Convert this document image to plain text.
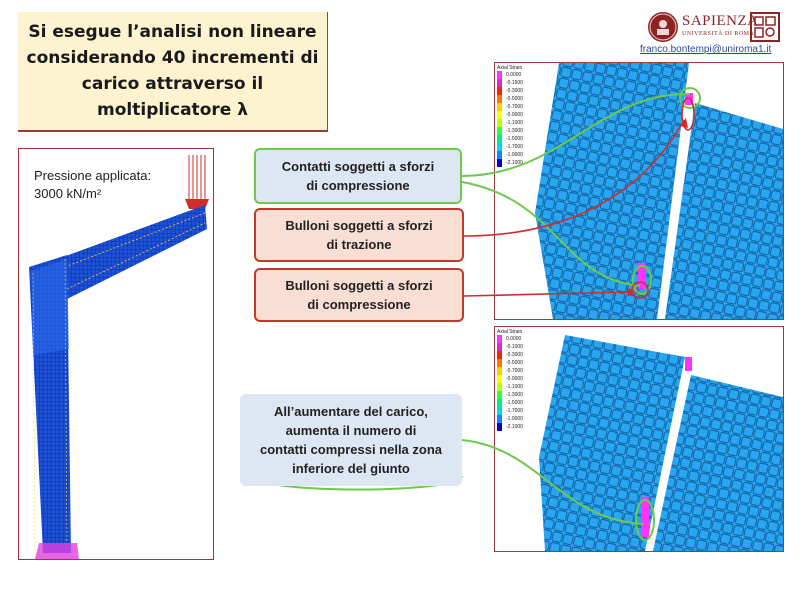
Si esegue l’analisi non lineare
considerando 40 incrementi di
carico attraverso il
moltiplicatore λ
SAPIENZA
UNIVERSITÀ DI ROMA
franco.bontempi@uniroma1.it
Pressione applicata:
3000 kN/m²
Axial Strain
0.0000
-0.1500
-0.3000
-0.5000
-0.7000
-0.9000
-1.1000
-1.3000
-1.5000
-1.7000
-1.9000
-2.1000
Axial Strain
0.0000
-0.1000
-0.3000
-0.5000
-0.7000
-0.9000
-1.1000
-1.3000
-1.5000
-1.7000
-1.9000
-2.1000
Contatti soggetti a sforzi
di compressione
Bulloni soggetti a sforzi
di trazione
Bulloni soggetti a sforzi
di compressione
All’aumentare del carico,
aumenta il numero di
contatti compressi nella zona
inferiore del giunto
